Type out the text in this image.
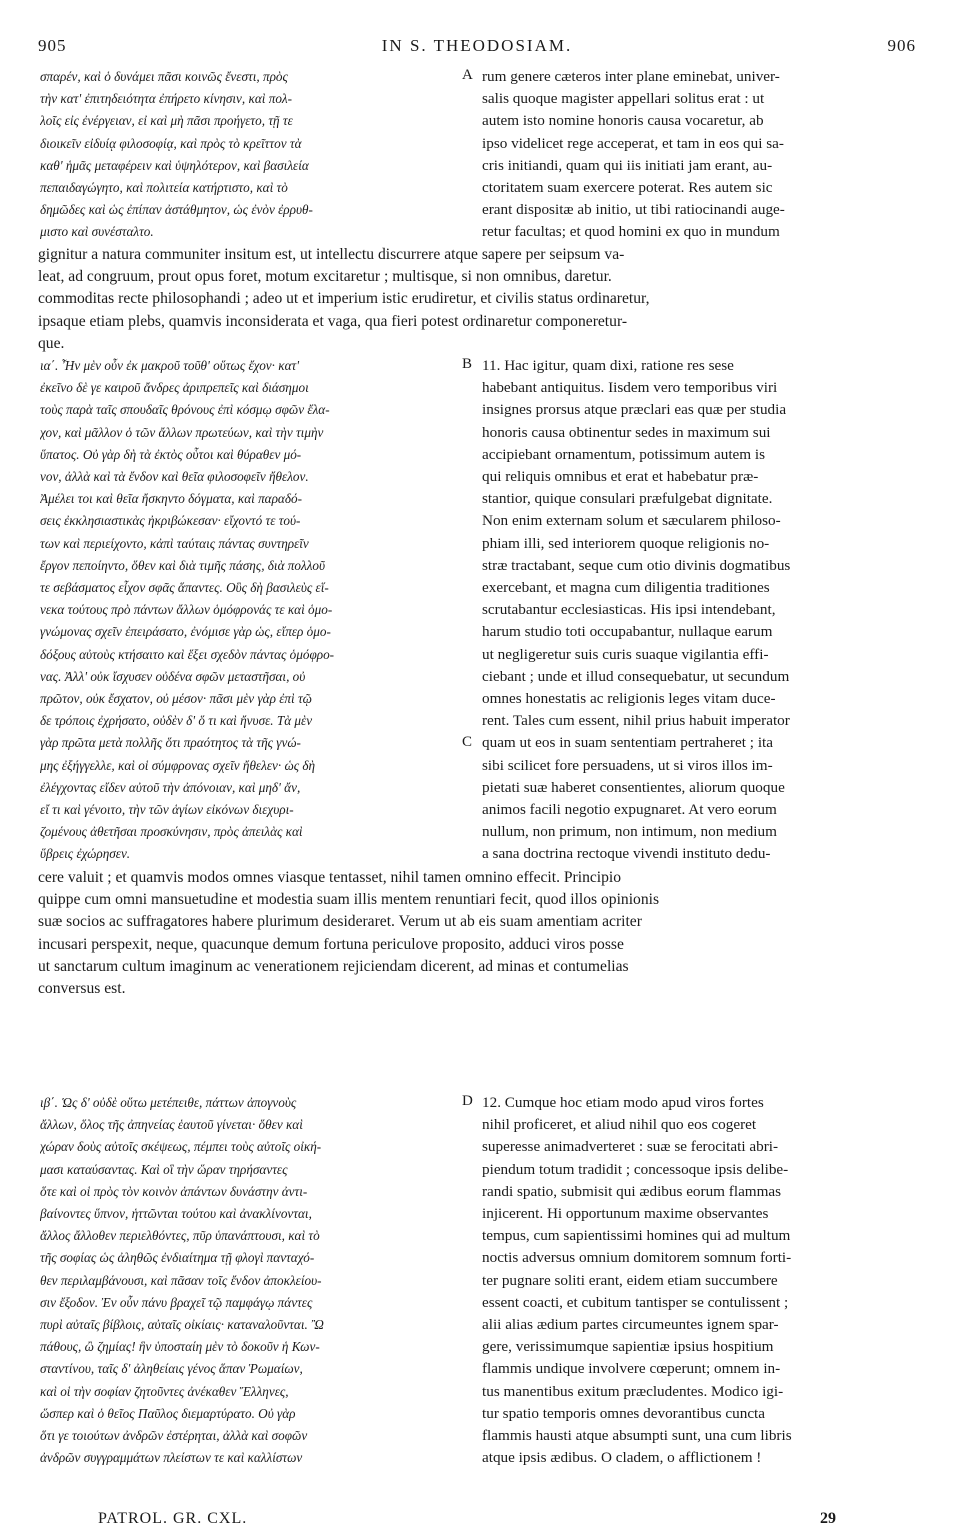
905	IN S. THEODOSIAM.	906
σπαρέν, καὶ ὁ δυνάμει πᾶσι κοινῶς ἔνεστι, πρὸς
τὴν κατ' ἐπιτηδειότητα ἐπήρετο κίνησιν, καὶ πολ-
λοῖς εἰς ἐνέργειαν, εἰ καὶ μὴ πᾶσι προήγετο, τῇ τε
διοικεῖν εἰδυίᾳ φιλοσοφίᾳ, καὶ πρὸς τὸ κρεῖττον τὰ
καθ' ἡμᾶς μεταφέρειν καὶ ὑψηλότερον, καὶ βασιλεία
πεπαιδαγώγητο, καὶ πολιτεία κατήρτιστο, καὶ τὸ
δημῶδες καὶ ὡς ἐπίπαν ἀστάθμητον, ὡς ἐνὸν ἐρρυθ-
μιστο καὶ συνέσταλτο.
A rum genere cæteros inter plane eminebat, univer-
salis quoque magister appellari solitus erat : ut
autem isto nomine honoris causa vocaretur, ab
ipso videlicet rege acceperat, et tam in eos qui sa-
cris initiandi, quam qui iis initiati jam erant, au-
ctoritatem suam exercere poterat. Res autem sic
erant dispositæ ab initio, ut tibi ratiocinandi auge-
retur facultas; et quod homini ex quo in mundum
gignitur a natura communiter insitum est, ut intellectu discurrere atque sapere per seipsum va-
leat, ad congruum, prout opus foret, motum excitaretur ; multisque, si non omnibus, daretur.
commoditas recte philosophandi ; adeo ut et imperium istic erudiretur, et civilis status ordinaretur,
ipsaque etiam plebs, quamvis inconsiderata et vaga, qua fieri potest ordinaretur componeretur-
que.
ια΄. Ἦν μὲν οὖν ἐκ μακροῦ τοῦθ' οὕτως ἔχον· κατ'
ἐκεῖνο δὲ γε καιροῦ ἄνδρες ἀριπρεπεῖς καὶ διάσημοι
τοὺς παρὰ ταῖς σπουδαῖς θρόνους ἐπὶ κόσμῳ σφῶν ἔλα-
χον, καὶ μᾶλλον ὁ τῶν ἄλλων πρωτεύων, καὶ τὴν τιμὴν
ὕπατος. Οὐ γὰρ δὴ τὰ ἐκτὸς οὗτοι καὶ θύραθεν μό-
νον, ἀλλὰ καὶ τὰ ἔνδον καὶ θεῖα φιλοσοφεῖν ἤθελον.
Ἀμέλει τοι καὶ θεῖα ἤσκηντο δόγματα, καὶ παραδό-
σεις ἐκκλησιαστικὰς ἠκριβώκεσαν· εἴχοντό τε τού-
των καὶ περιείχοντο, κἀπὶ ταύταις πάντας συντηρεῖν
ἔργον πεποίηντο, ὅθεν καὶ διὰ τιμῆς πάσης, διὰ πολλοῦ
τε σεβάσματος εἶχον σφᾶς ἅπαντες. Οὓς δὴ βασιλεὺς εἵ-
νεκα τούτους πρὸ πάντων ἄλλων ὁμόφρονάς τε καὶ ὁμο-
γνώμονας σχεῖν ἐπειράσατο, ἐνόμισε γὰρ ὡς, εἴπερ ὁμο-
δόξους αὐτοὺς κτήσαιτο καὶ ἕξει σχεδὸν πάντας ὁμόφρο-
νας. Ἀλλ' οὐκ ἴσχυσεν οὐδένα σφῶν μεταστῆσαι, οὐ
πρῶτον, οὐκ ἔσχατον, οὐ μέσον· πᾶσι μὲν γὰρ ἐπὶ τῷ
δε τρόποις ἐχρήσατο, οὐδὲν δ' ὅ τι καὶ ἤνυσε. Τὰ μὲν
γὰρ πρῶτα μετὰ πολλῆς ὅτι πραότητος τὰ τῆς γνώ-
μης ἐξήγγελλε, καὶ οἱ σύμφρονας σχεῖν ἤθελεν· ὡς δὴ
ἐλέγχοντας εἴδεν αὐτοῦ τὴν ἀπόνοιαν, καὶ μηδ' ἄν,
εἴ τι καὶ γένοιτο, τὴν τῶν ἁγίων εἰκόνων διεχυρι-
ζομένους ἀθετῆσαι προσκύνησιν, πρὸς ἀπειλὰς καὶ
ὕβρεις ἐχώρησεν.
B
C
11. Hac igitur, quam dixi, ratione res sese
habebant antiquitus. Iisdem vero temporibus viri
insignes prorsus atque præclari eas quæ per studia
honoris causa obtinentur sedes in maximum sui
accipiebant ornamentum, potissimum autem is
qui reliquis omnibus et erat et habebatur præ-
stantior, quique consulari præfulgebat dignitate.
Non enim externam solum et sæcularem philoso-
phiam illi, sed interiorem quoque religionis no-
stræ tractabant, seque cum otio divinis dogmatibus
exercebant, et magna cum diligentia traditiones
scrutabantur ecclesiasticas. His ipsi intendebant,
harum studio toti occupabantur, nullaque earum
ut negligeretur suis curis suaque vigilantia effi-
ciebant ; unde et illud consequebatur, ut secundum
omnes honestatis ac religionis leges vitam duce-
rent. Tales cum essent, nihil prius habuit imperator
quam ut eos in suam sententiam pertraheret ; ita
sibi scilicet fore persuadens, ut si viros illos im-
pietati suæ haberet consentientes, aliorum quoque
animos facili negotio expugnaret. At vero eorum
nullum, non primum, non intimum, non medium
a sana doctrina rectoque vivendi instituto dedu-
cere valuit ; et quamvis modos omnes viasque tentasset, nihil tamen omnino effecit. Principio
quippe cum omni mansuetudine et modestia suam illis mentem renuntiari fecit, quod illos opinionis
suæ socios ac suffragatores habere plurimum desideraret. Verum ut ab eis suam amentiam acriter
incusari perspexit, neque, quacunque demum fortuna periculove proposito, adduci viros posse
ut sanctarum cultum imaginum ac venerationem rejiciendam dicerent, ad minas et contumelias
conversus est.
ιβ΄. Ὡς δ' οὐδὲ οὕτω μετέπειθε, πάττων ἀπογνοὺς
ἄλλων, ὅλος τῆς ἀπηνείας ἑαυτοῦ γίνεται· ὅθεν καὶ
χώραν δοὺς αὐτοῖς σκέψεως, πέμπει τοὺς αὐτοῖς οἰκή-
μασι καταύσαντας. Καὶ οἳ τὴν ὥραν τηρήσαντες
ὅτε καὶ οἱ πρὸς τὸν κοινὸν ἁπάντων δυνάστην ἀντι-
βαίνοντες ὕπνον, ἡττῶνται τούτου καὶ ἀνακλίνονται,
ἄλλος ἄλλοθεν περιελθόντες, πῦρ ὑπανάπτουσι, καὶ τὸ
τῆς σοφίας ὡς ἀληθῶς ἐνδιαίτημα τῇ φλογὶ πανταχό-
θεν περιλαμβάνουσι, καὶ πᾶσαν τοῖς ἔνδον ἀποκλείου-
σιν ἔξοδον. Ἐν οὖν πάνυ βραχεῖ τῷ παμφάγῳ πάντες
πυρὶ αὐταῖς βίβλοις, αὐταῖς οἰκίαις· καταναλοῦνται. Ὢ
πάθους, ὢ ζημίας! ἣν ὑποσταίη μὲν τὸ δοκοῦν ἡ Κων-
σταντίνου, ταῖς δ' ἀληθείαις γένος ἅπαν Ῥωμαίων,
καὶ οἱ τὴν σοφίαν ζητοῦντες ἀνέκαθεν Ἕλληνες,
ὥσπερ καὶ ὁ θεῖος Παῦλος διεμαρτύρατο. Οὐ γὰρ
ὅτι γε τοιούτων ἀνδρῶν ἐστέρηται, ἀλλὰ καὶ σοφῶν
ἀνδρῶν συγγραμμάτων πλείστων τε καὶ καλλίστων
D 12. Cumque hoc etiam modo apud viros fortes
nihil proficeret, et aliud nihil quo eos cogeret
superesse animadverteret : suæ se ferocitati abri-
piendum totum tradidit ; concessoque ipsis delibe-
randi spatio, submisit qui ædibus eorum flammas
injicerent. Hi opportunum maxime observantes
tempus, cum sapientissimi homines qui ad multum
noctis adversus omnium domitorem somnum forti-
ter pugnare soliti erant, eidem etiam succumbere
essent coacti, et cubitum tantisper se contulissent ;
alii alias ædium partes circumeuntes ignem spar-
gere, verissimumque sapientiæ ipsius hospitium
flammis undique involvere cœperunt; omnem in-
tus manentibus exitum præcludentes. Modico igi-
tur spatio temporis omnes devorantibus cuncta
flammis hausti atque absumpti sunt, una cum libris
atque ipsis ædibus. O cladem, o afflictionem !
PATROL. GR. CXL.	29
